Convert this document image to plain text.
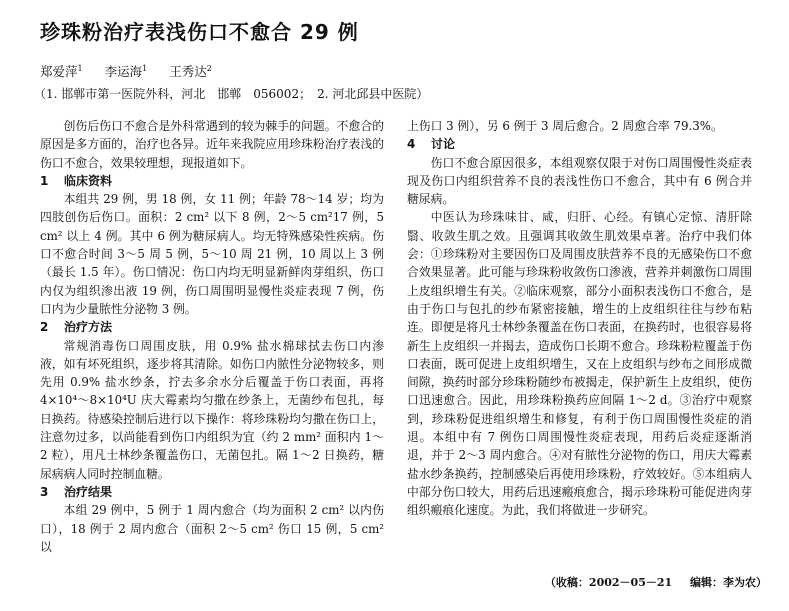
珍珠粉治疗表浅伤口不愈合 29 例
郑爱萍$^1$ 李运海$^1$ 王秀达$^2$
（1. 邯郸市第一医院外科，河北　邯郸　056002；　2. 河北邱县中医院）

创伤后伤口不愈合是外科常遇到的较为棘手的问题。不愈合的原因是多方面的，治疗也各异。近年来我院应用珍珠粉治疗表浅的伤口不愈合，效果较理想，现报道如下。

1 临床资料

本组共 29 例，男 18 例，女 11 例；年龄 78～14 岁；均为四肢创伤后伤口。面积：2 cm² 以下 8 例，2～5 cm²17 例，5 cm² 以上 4 例。其中 6 例为糖尿病人。均无特殊感染性疾病。伤口不愈合时间 3～5 周 5 例，5～10 周 21 例，10 周以上 3 例（最长 1.5 年）。伤口情况：伤口内均无明显新鲜肉芽组织，伤口内仅为组织渗出液 19 例，伤口周围明显慢性炎症表现 7 例，伤口内为少量脓性分泌物 3 例。

2 治疗方法

常规消毒伤口周围皮肤，用 0.9% 盐水棉球拭去伤口内渗液，如有坏死组织，逐步将其清除。如伤口内脓性分泌物较多，则先用 0.9% 盐水纱条，拧去多余水分后覆盖于伤口表面，再将 4×10⁴～8×10⁴U 庆大霉素均匀撒在纱条上，无菌纱布包扎，每日换药。待感染控制后进行以下操作：将珍珠粉均匀撒在伤口上，注意勿过多，以尚能看到伤口内组织为宜（约 2 mm² 面积内 1～2 粒），用凡士林纱条覆盖伤口，无菌包扎。隔 1～2 日换药，糖尿病病人同时控制血糖。

3 治疗结果

本组 29 例中，5 例于 1 周内愈合（均为面积 2 cm² 以内伤口），18 例于 2 周内愈合（面积 2～5 cm² 伤口 15 例，5 cm² 以

上伤口 3 例），另 6 例于 3 周后愈合。2 周愈合率 79.3%。

4 讨论

伤口不愈合原因很多，本组观察仅限于对伤口周围慢性炎症表现及伤口内组织营养不良的表浅性伤口不愈合，其中有 6 例合并糖尿病。

中医认为珍珠味甘、咸，归肝、心经。有镇心定惊、清肝除翳、收敛生肌之效。且强调其收敛生肌效果卓著。治疗中我们体会：①珍珠粉对主要因伤口及周围皮肤营养不良的无感染伤口不愈合效果显著。此可能与珍珠粉收敛伤口渗液，营养并刺激伤口周围上皮组织增生有关。②临床观察，部分小面积表浅伤口不愈合，是由于伤口与包扎的纱布紧密接触，增生的上皮组织往往与纱布粘连。即便是将凡士林纱条覆盖在伤口表面，在换药时，也很容易将新生上皮组织一并揭去，造成伤口长期不愈合。珍珠粉粒覆盖于伤口表面，既可促进上皮组织增生，又在上皮组织与纱布之间形成微间隙，换药时部分珍珠粉随纱布被揭走，保护新生上皮组织，使伤口迅速愈合。因此，用珍珠粉换药应间隔 1～2 d。③治疗中观察到，珍珠粉促进组织增生和修复，有利于伤口周围慢性炎症的消退。本组中有 7 例伤口周围慢性炎症表现，用药后炎症逐渐消退，并于 2～3 周内愈合。④对有脓性分泌物的伤口，用庆大霉素盐水纱条换药，控制感染后再使用珍珠粉，疗效较好。⑤本组病人中部分伤口较大，用药后迅速瘢痕愈合，揭示珍珠粉可能促进肉芽组织瘢痕化速度。为此，我们将做进一步研究。

（收稿：2002－05－21 编辑：李为农）
